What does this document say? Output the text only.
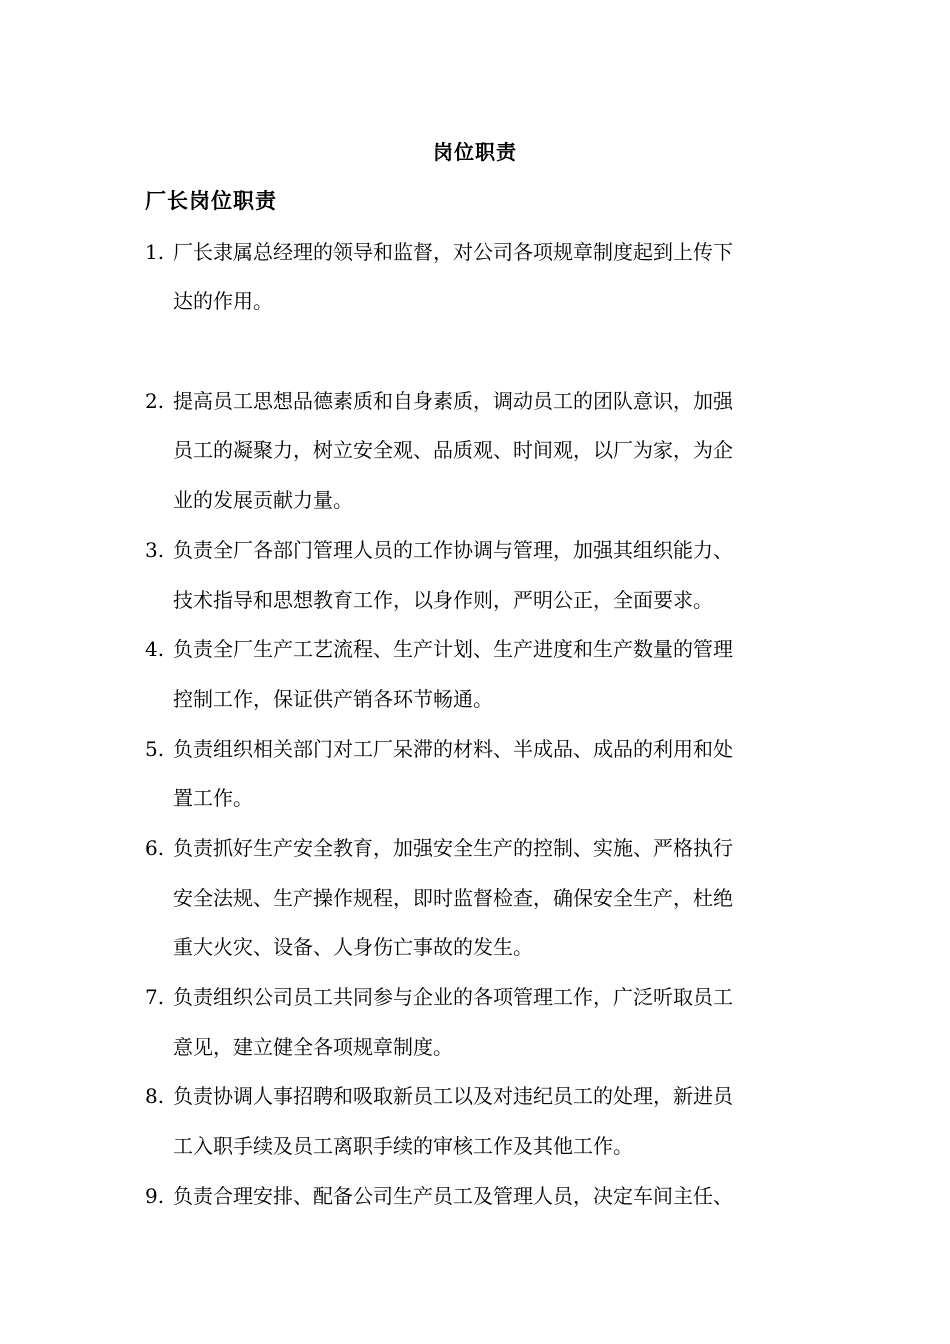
岗位职责
厂长岗位职责
1. 厂长隶属总经理的领导和监督，对公司各项规章制度起到上传下
达的作用。
2. 提高员工思想品德素质和自身素质，调动员工的团队意识，加强
员工的凝聚力，树立安全观、品质观、时间观，以厂为家，为企
业的发展贡献力量。
3. 负责全厂各部门管理人员的工作协调与管理，加强其组织能力、
技术指导和思想教育工作，以身作则，严明公正，全面要求。
4. 负责全厂生产工艺流程、生产计划、生产进度和生产数量的管理
控制工作，保证供产销各环节畅通。
5. 负责组织相关部门对工厂呆滞的材料、半成品、成品的利用和处
置工作。
6. 负责抓好生产安全教育，加强安全生产的控制、实施、严格执行
安全法规、生产操作规程，即时监督检查，确保安全生产，杜绝
重大火灾、设备、人身伤亡事故的发生。
7. 负责组织公司员工共同参与企业的各项管理工作，广泛听取员工
意见，建立健全各项规章制度。
8. 负责协调人事招聘和吸取新员工以及对违纪员工的处理，新进员
工入职手续及员工离职手续的审核工作及其他工作。
9. 负责合理安排、配备公司生产员工及管理人员，决定车间主任、
